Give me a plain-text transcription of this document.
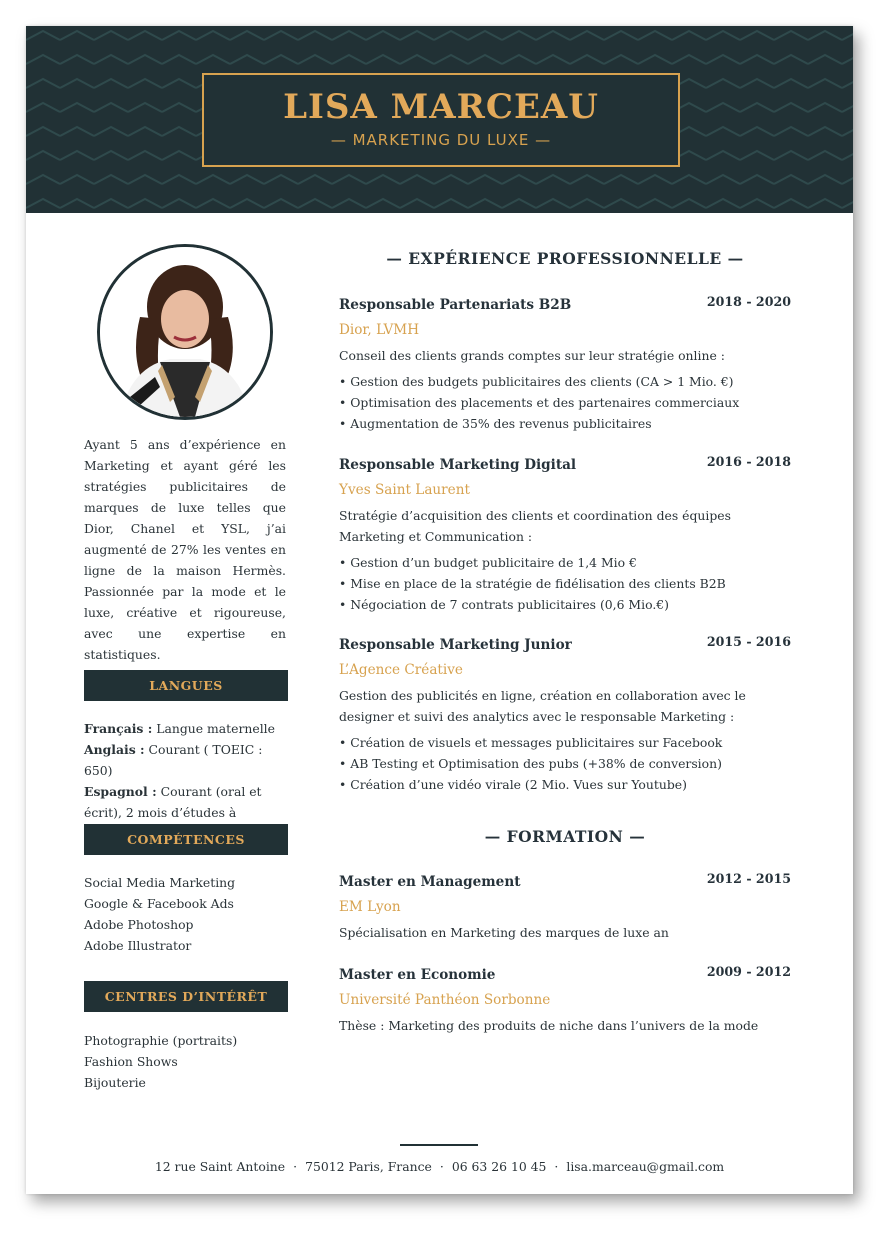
LISA MARCEAU
— MARKETING DU LUXE —
Ayant 5 ans d’expérience en Marketing et ayant géré les stratégies publicitaires de marques de luxe telles que Dior, Chanel et YSL, j’ai augmenté de 27% les ventes en ligne de la maison Hermès. Passionnée par la mode et le luxe, créative et rigoureuse, avec une expertise en statistiques.
LANGUES
Français : Langue maternelle
Anglais : Courant ( TOEIC : 650)
Espagnol : Courant (oral et écrit), 2 mois d’études à
COMPÉTENCES
Social Media Marketing
Google & Facebook Ads
Adobe Photoshop
Adobe Illustrator
CENTRES D’INTÉRÊT
Photographie (portraits)
Fashion Shows
Bijouterie
— EXPÉRIENCE PROFESSIONNELLE —
Responsable Partenariats B2B	2018 - 2020
Dior, LVMH
Conseil des clients grands comptes sur leur stratégie online :
• Gestion des budgets publicitaires des clients (CA > 1 Mio. €)
• Optimisation des placements et des partenaires commerciaux
• Augmentation de 35% des revenus publicitaires
Responsable Marketing Digital	2016 - 2018
Yves Saint Laurent
Stratégie d’acquisition des clients et coordination des équipes Marketing et Communication :
• Gestion d’un budget publicitaire de 1,4 Mio €
• Mise en place de la stratégie de fidélisation des clients B2B
• Négociation de 7 contrats publicitaires (0,6 Mio.€)
Responsable Marketing Junior	2015 - 2016
L’Agence Créative
Gestion des publicités en ligne, création en collaboration avec le designer et suivi des analytics avec le responsable Marketing :
• Création de visuels et messages publicitaires sur Facebook
• AB Testing et Optimisation des pubs (+38% de conversion)
• Création d’une vidéo virale (2 Mio. Vues sur Youtube)
— FORMATION —
Master en Management	2012 - 2015
EM Lyon
Spécialisation en Marketing des marques de luxe an
Master en Economie	2009 - 2012
Université Panthéon Sorbonne
Thèse : Marketing des produits de niche dans l’univers de la mode
12 rue Saint Antoine · 75012 Paris, France · 06 63 26 10 45 · lisa.marceau@gmail.com
